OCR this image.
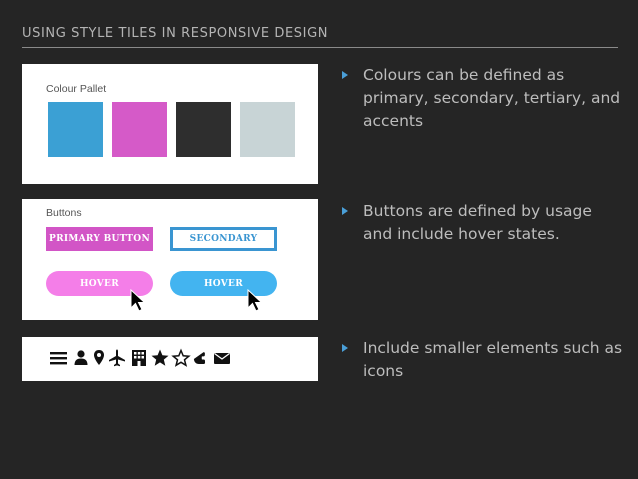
USING STYLE TILES IN RESPONSIVE DESIGN
Colour Pallet
Buttons
PRIMARY BUTTON	SECONDARY
HOVER	HOVER
Colours can be defined as primary, secondary, tertiary, and accents
Buttons are defined by usage and include hover states.
Include smaller elements such as icons
